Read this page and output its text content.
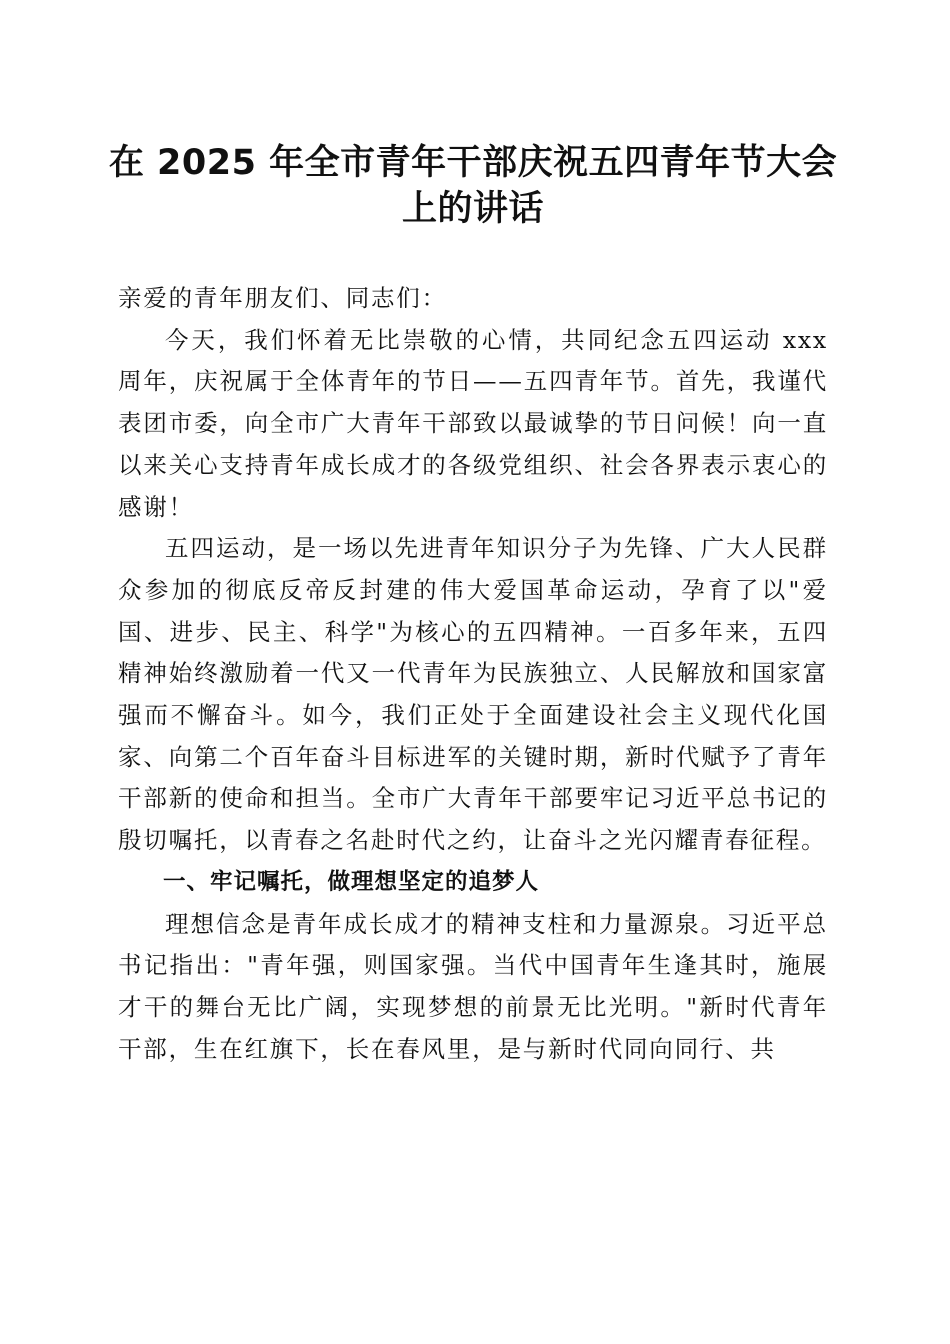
在 2025 年全市青年干部庆祝五四青年节大会
上的讲话
亲爱的青年朋友们、同志们：

今天，我们怀着无比崇敬的心情，共同纪念五四运动 xxx 周年，庆祝属于全体青年的节日——五四青年节。首先，我谨代表团市委，向全市广大青年干部致以最诚挚的节日问候！向一直以来关心支持青年成长成才的各级党组织、社会各界表示衷心的感谢！

五四运动，是一场以先进青年知识分子为先锋、广大人民群众参加的彻底反帝反封建的伟大爱国革命运动，孕育了以"爱国、进步、民主、科学"为核心的五四精神。一百多年来，五四精神始终激励着一代又一代青年为民族独立、人民解放和国家富强而不懈奋斗。如今，我们正处于全面建设社会主义现代化国家、向第二个百年奋斗目标进军的关键时期，新时代赋予了青年干部新的使命和担当。全市广大青年干部要牢记习近平总书记的殷切嘱托，以青春之名赴时代之约，让奋斗之光闪耀青春征程。

一、牢记嘱托，做理想坚定的追梦人

理想信念是青年成长成才的精神支柱和力量源泉。习近平总书记指出："青年强，则国家强。当代中国青年生逢其时，施展才干的舞台无比广阔，实现梦想的前景无比光明。"新时代青年干部，生在红旗下，长在春风里，是与新时代同向同行、共
